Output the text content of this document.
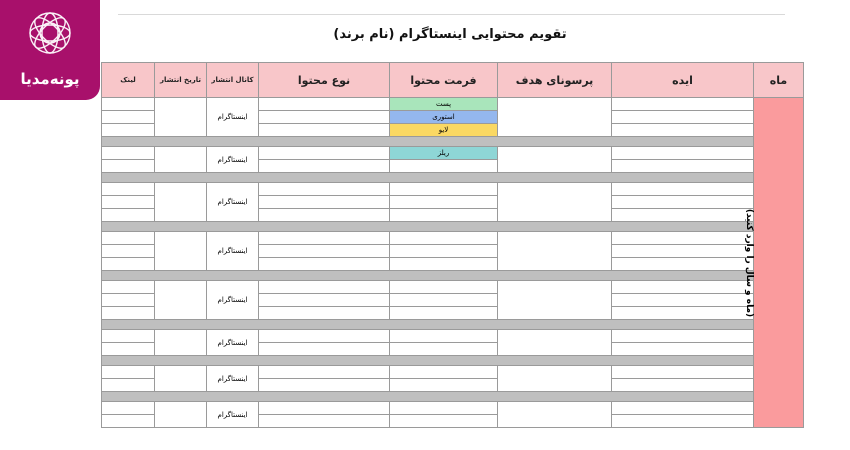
پونه‌مدیا
تقویم محتوایی اینستاگرام (نام برند)
ماه	ایده	پرسونای هدف	فرمت محتوا	نوع محتوا	کانال انتشار	تاریخ انتشار	لینک
(ماه و سال را وارد کنید)			پست		اینستاگرام		
			استوری				
			لایو				

			ریلز		اینستاگرام		

					اینستاگرام		

					اینستاگرام		

					اینستاگرام		

					اینستاگرام		

					اینستاگرام		

					اینستاگرام		
